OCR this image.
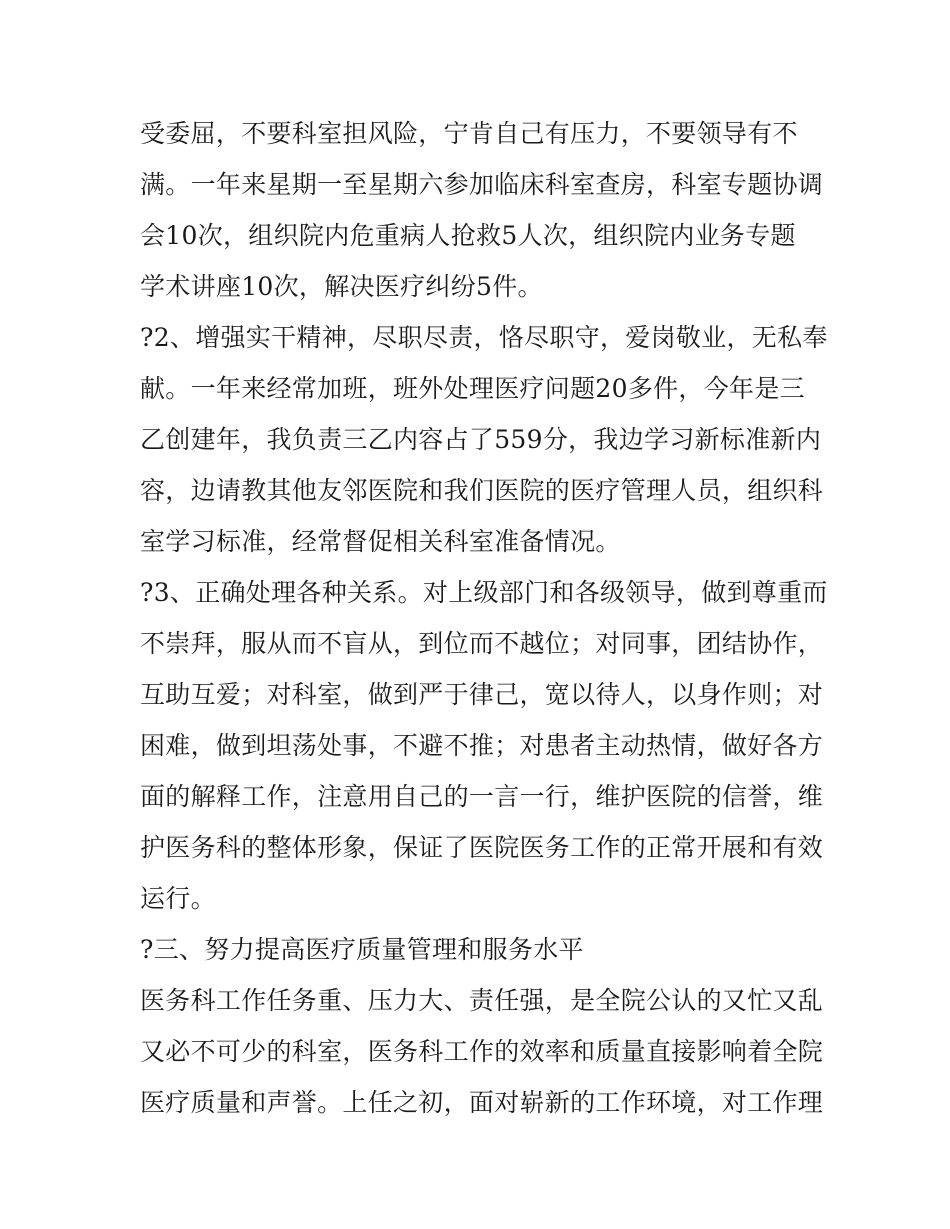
受委屈，不要科室担风险，宁肯自己有压力，不要领导有不
满。一年来星期一至星期六参加临床科室查房，科室专题协调
会10次，组织院内危重病人抢救5人次，组织院内业务专题
学术讲座10次，解决医疗纠纷5件。
?2、增强实干精神，尽职尽责，恪尽职守，爱岗敬业，无私奉
献。一年来经常加班，班外处理医疗问题20多件，今年是三
乙创建年，我负责三乙内容占了559分，我边学习新标准新内
容，边请教其他友邻医院和我们医院的医疗管理人员，组织科
室学习标准，经常督促相关科室准备情况。
?3、正确处理各种关系。对上级部门和各级领导，做到尊重而
不崇拜，服从而不盲从，到位而不越位；对同事，团结协作，
互助互爱；对科室，做到严于律己，宽以待人，以身作则；对
困难，做到坦荡处事，不避不推；对患者主动热情，做好各方
面的解释工作，注意用自己的一言一行，维护医院的信誉，维
护医务科的整体形象，保证了医院医务工作的正常开展和有效
运行。
?三、努力提高医疗质量管理和服务水平
医务科工作任务重、压力大、责任强，是全院公认的又忙又乱
又必不可少的科室，医务科工作的效率和质量直接影响着全院
医疗质量和声誉。上任之初，面对崭新的工作环境，对工作理
